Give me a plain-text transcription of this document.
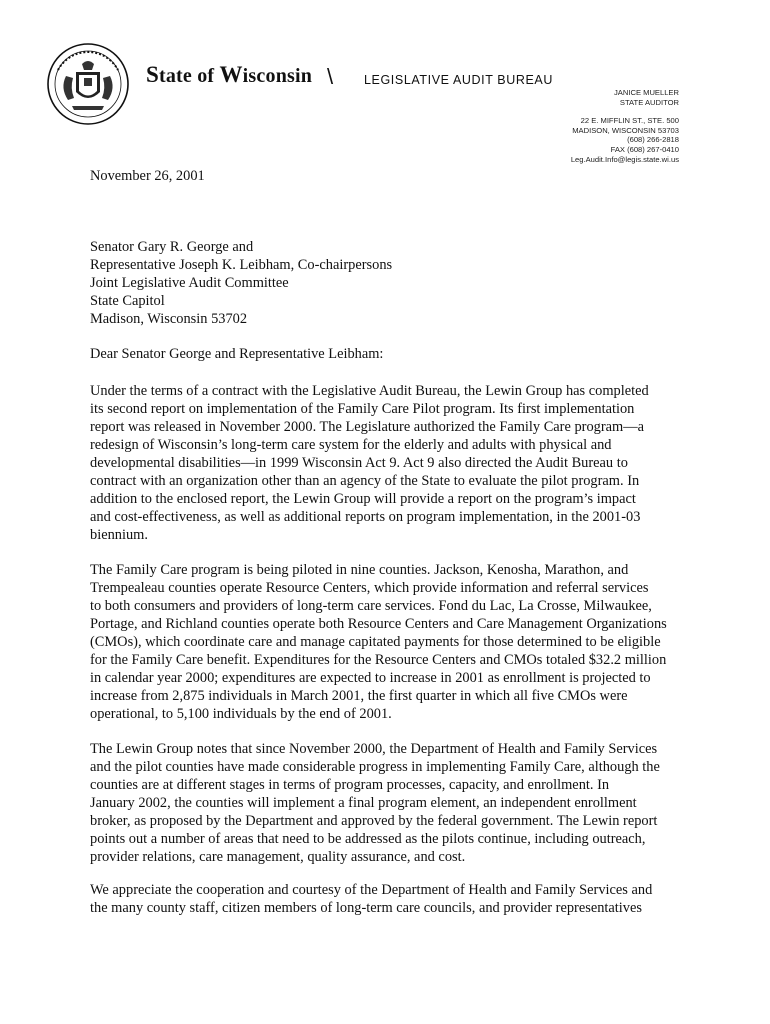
State of Wisconsin \ LEGISLATIVE AUDIT BUREAU
JANICE MUELLER
STATE AUDITOR
22 E. MIFFLIN ST., STE. 500
MADISON, WISCONSIN 53703
(608) 266-2818
FAX (608) 267-0410
Leg.Audit.Info@legis.state.wi.us
November 26, 2001
Senator Gary R. George and
Representative Joseph K. Leibham, Co-chairpersons
Joint Legislative Audit Committee
State Capitol
Madison, Wisconsin 53702
Dear Senator George and Representative Leibham:
Under the terms of a contract with the Legislative Audit Bureau, the Lewin Group has completed
its second report on implementation of the Family Care Pilot program. Its first implementation
report was released in November 2000. The Legislature authorized the Family Care program—a
redesign of Wisconsin’s long-term care system for the elderly and adults with physical and
developmental disabilities—in 1999 Wisconsin Act 9. Act 9 also directed the Audit Bureau to
contract with an organization other than an agency of the State to evaluate the pilot program. In
addition to the enclosed report, the Lewin Group will provide a report on the program’s impact
and cost-effectiveness, as well as additional reports on program implementation, in the 2001-03
biennium.
The Family Care program is being piloted in nine counties. Jackson, Kenosha, Marathon, and
Trempealeau counties operate Resource Centers, which provide information and referral services
to both consumers and providers of long-term care services. Fond du Lac, La Crosse, Milwaukee,
Portage, and Richland counties operate both Resource Centers and Care Management Organizations
(CMOs), which coordinate care and manage capitated payments for those determined to be eligible
for the Family Care benefit. Expenditures for the Resource Centers and CMOs totaled $32.2 million
in calendar year 2000; expenditures are expected to increase in 2001 as enrollment is projected to
increase from 2,875 individuals in March 2001, the first quarter in which all five CMOs were
operational, to 5,100 individuals by the end of 2001.
The Lewin Group notes that since November 2000, the Department of Health and Family Services
and the pilot counties have made considerable progress in implementing Family Care, although the
counties are at different stages in terms of program processes, capacity, and enrollment. In
January 2002, the counties will implement a final program element, an independent enrollment
broker, as proposed by the Department and approved by the federal government. The Lewin report
points out a number of areas that need to be addressed as the pilots continue, including outreach,
provider relations, care management, quality assurance, and cost.
We appreciate the cooperation and courtesy of the Department of Health and Family Services and
the many county staff, citizen members of long-term care councils, and provider representatives
